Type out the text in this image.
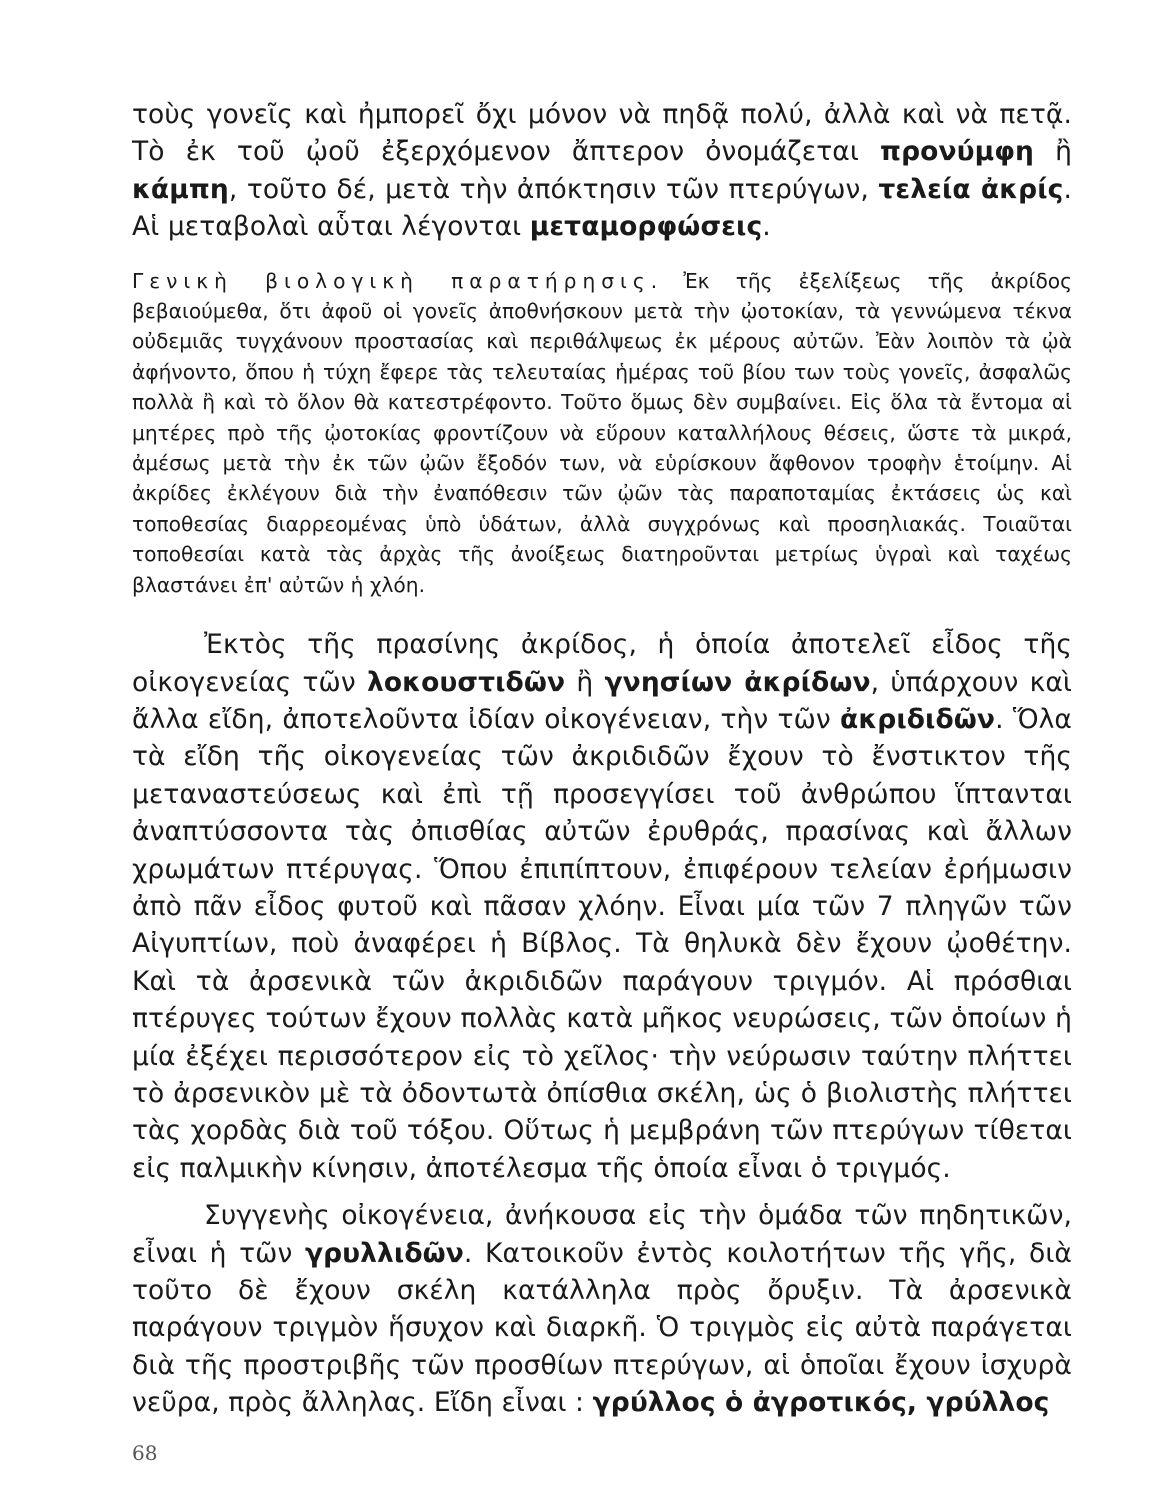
τοὺς γονεῖς καὶ ἠμπορεῖ ὄχι μόνον νὰ πηδᾷ πολύ, ἀλλὰ καὶ νὰ πετᾷ. Τὸ ἐκ τοῦ ᾠοῦ ἐξερχόμενον ἄπτερον ὀνομάζεται προνύμφη ἢ κάμπη, τοῦτο δέ, μετὰ τὴν ἀπόκτησιν τῶν πτερύγων, τελεία ἀκρίς. Αἱ μεταβολαὶ αὗται λέγονται μεταμορφώσεις.

Γενικὴ βιολογικὴ παρατήρησις. Ἐκ τῆς ἐξελίξεως τῆς ἀκρίδος βεβαιούμεθα, ὅτι ἀφοῦ οἱ γονεῖς ἀποθνήσκουν μετὰ τὴν ᾠοτοκίαν, τὰ γεννώμενα τέκνα οὐδεμιᾶς τυγχάνουν προστασίας καὶ περιθάλψεως ἐκ μέρους αὐτῶν. Ἐὰν λοιπὸν τὰ ᾠὰ ἀφήνοντο, ὅπου ἡ τύχη ἔφερε τὰς τελευταίας ἡμέρας τοῦ βίου των τοὺς γονεῖς, ἀσφαλῶς πολλὰ ἢ καὶ τὸ ὅλον θὰ κατεστρέφοντο. Τοῦτο ὅμως δὲν συμβαίνει. Εἰς ὅλα τὰ ἔντομα αἱ μητέρες πρὸ τῆς ᾠοτοκίας φροντίζουν νὰ εὕρουν καταλλήλους θέσεις, ὥστε τὰ μικρά, ἀμέσως μετὰ τὴν ἐκ τῶν ᾠῶν ἔξοδόν των, νὰ εὑρίσκουν ἄφθονον τροφὴν ἑτοίμην. Αἱ ἀκρίδες ἐκλέγουν διὰ τὴν ἐναπόθεσιν τῶν ᾠῶν τὰς παραποταμίας ἐκτάσεις ὡς καὶ τοποθεσίας διαρρεομένας ὑπὸ ὑδάτων, ἀλλὰ συγχρόνως καὶ προσηλιακάς. Τοιαῦται τοποθεσίαι κατὰ τὰς ἀρχὰς τῆς ἀνοίξεως διατηροῦνται μετρίως ὑγραὶ καὶ ταχέως βλαστάνει ἐπ' αὐτῶν ἡ χλόη.

Ἐκτὸς τῆς πρασίνης ἀκρίδος, ἡ ὁποία ἀποτελεῖ εἶδος τῆς οἰκογενείας τῶν λοκουστιδῶν ἢ γνησίων ἀκρίδων, ὑπάρχουν καὶ ἄλλα εἴδη, ἀποτελοῦντα ἰδίαν οἰκογένειαν, τὴν τῶν ἀκριδιδῶν. Ὅλα τὰ εἴδη τῆς οἰκογενείας τῶν ἀκριδιδῶν ἔχουν τὸ ἔνστικτον τῆς μεταναστεύσεως καὶ ἐπὶ τῇ προσεγγίσει τοῦ ἀνθρώπου ἵπτανται ἀναπτύσσοντα τὰς ὀπισθίας αὐτῶν ἐρυθράς, πρασίνας καὶ ἄλλων χρωμάτων πτέρυγας. Ὅπου ἐπιπίπτουν, ἐπιφέρουν τελείαν ἐρήμωσιν ἀπὸ πᾶν εἶδος φυτοῦ καὶ πᾶσαν χλόην. Εἶναι μία τῶν 7 πληγῶν τῶν Αἰγυπτίων, ποὺ ἀναφέρει ἡ Βίβλος. Τὰ θηλυκὰ δὲν ἔχουν ᾠοθέτην. Καὶ τὰ ἀρσενικὰ τῶν ἀκριδιδῶν παράγουν τριγμόν. Αἱ πρόσθιαι πτέρυγες τούτων ἔχουν πολλὰς κατὰ μῆκος νευρώσεις, τῶν ὁποίων ἡ μία ἐξέχει περισσότερον εἰς τὸ χεῖλος· τὴν νεύρωσιν ταύτην πλήττει τὸ ἀρσενικὸν μὲ τὰ ὀδοντωτὰ ὀπίσθια σκέλη, ὡς ὁ βιολιστὴς πλήττει τὰς χορδὰς διὰ τοῦ τόξου. Οὕτως ἡ μεμβράνη τῶν πτερύγων τίθεται εἰς παλμικὴν κίνησιν, ἀποτέλεσμα τῆς ὁποία εἶναι ὁ τριγμός.

Συγγενὴς οἰκογένεια, ἀνήκουσα εἰς τὴν ὁμάδα τῶν πηδητικῶν, εἶναι ἡ τῶν γρυλλιδῶν. Κατοικοῦν ἐντὸς κοιλοτήτων τῆς γῆς, διὰ τοῦτο δὲ ἔχουν σκέλη κατάλληλα πρὸς ὄρυξιν. Τὰ ἀρσενικὰ παράγουν τριγμὸν ἥσυχον καὶ διαρκῆ. Ὁ τριγμὸς εἰς αὐτὰ παράγεται διὰ τῆς προστριβῆς τῶν προσθίων πτερύγων, αἱ ὁποῖαι ἔχουν ἰσχυρὰ νεῦρα, πρὸς ἄλληλας. Εἴδη εἶναι : γρύλλος ὁ ἀγροτικός, γρύλλος

68
